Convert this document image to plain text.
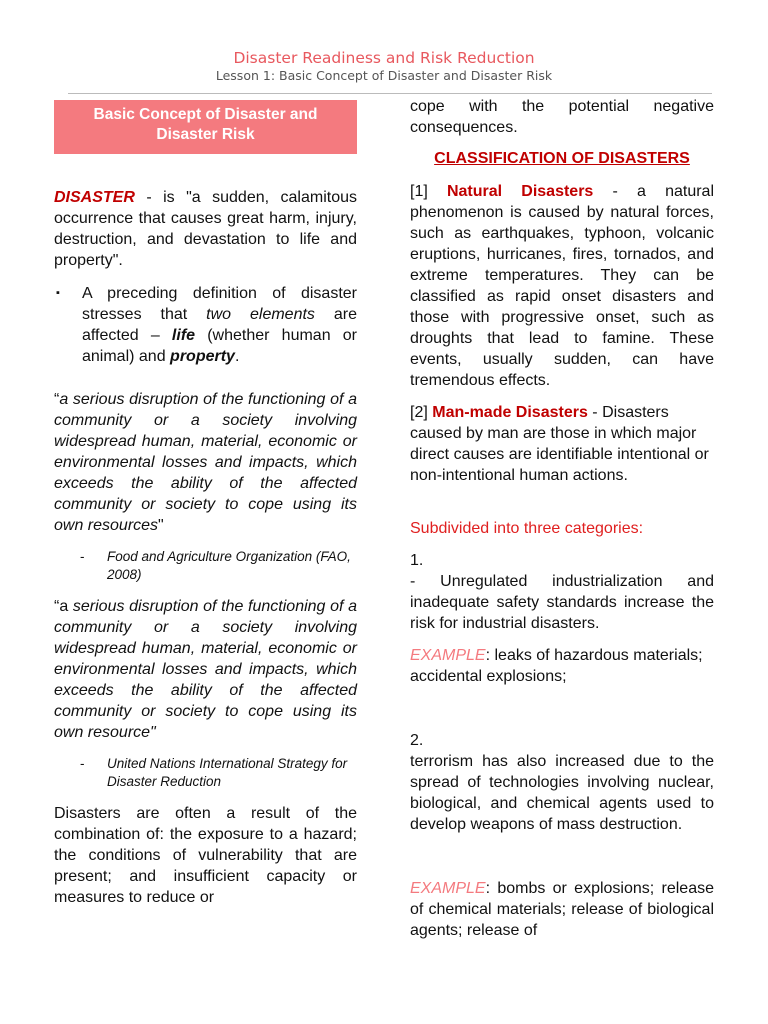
Disaster Readiness and Risk Reduction
Lesson 1: Basic Concept of Disaster and Disaster Risk
Basic Concept of Disaster and Disaster Risk

DISASTER - is "a sudden, calamitous occurrence that causes great harm, injury, destruction, and devastation to life and property".

▪ A preceding definition of disaster stresses that two elements are affected – life (whether human or animal) and property.

“a serious disruption of the functioning of a community or a society involving widespread human, material, economic or environmental losses and impacts, which exceeds the ability of the affected community or society to cope using its own resources"

- Food and Agriculture Organization (FAO, 2008)

“a serious disruption of the functioning of a community or a society involving widespread human, material, economic or environmental losses and impacts, which exceeds the ability of the affected community or society to cope using its own resource"

- United Nations International Strategy for Disaster Reduction

Disasters are often a result of the combination of: the exposure to a hazard; the conditions of vulnerability that are present; and insufficient capacity or measures to reduce or

cope with the potential negative consequences.

CLASSIFICATION OF DISASTERS

[1] Natural Disasters - a natural phenomenon is caused by natural forces, such as earthquakes, typhoon, volcanic eruptions, hurricanes, fires, tornados, and extreme temperatures. They can be classified as rapid onset disasters and those with progressive onset, such as droughts that lead to famine. These events, usually sudden, can have tremendous effects.

[2] Man-made Disasters - Disasters caused by man are those in which major direct causes are identifiable intentional or non-intentional human actions.

Subdivided into three categories:

1.

- Unregulated industrialization and inadequate safety standards increase the risk for industrial disasters.

EXAMPLE: leaks of hazardous materials; accidental explosions;

2.

terrorism has also increased due to the spread of technologies involving nuclear, biological, and chemical agents used to develop weapons of mass destruction.

EXAMPLE: bombs or explosions; release of chemical materials; release of biological agents; release of
